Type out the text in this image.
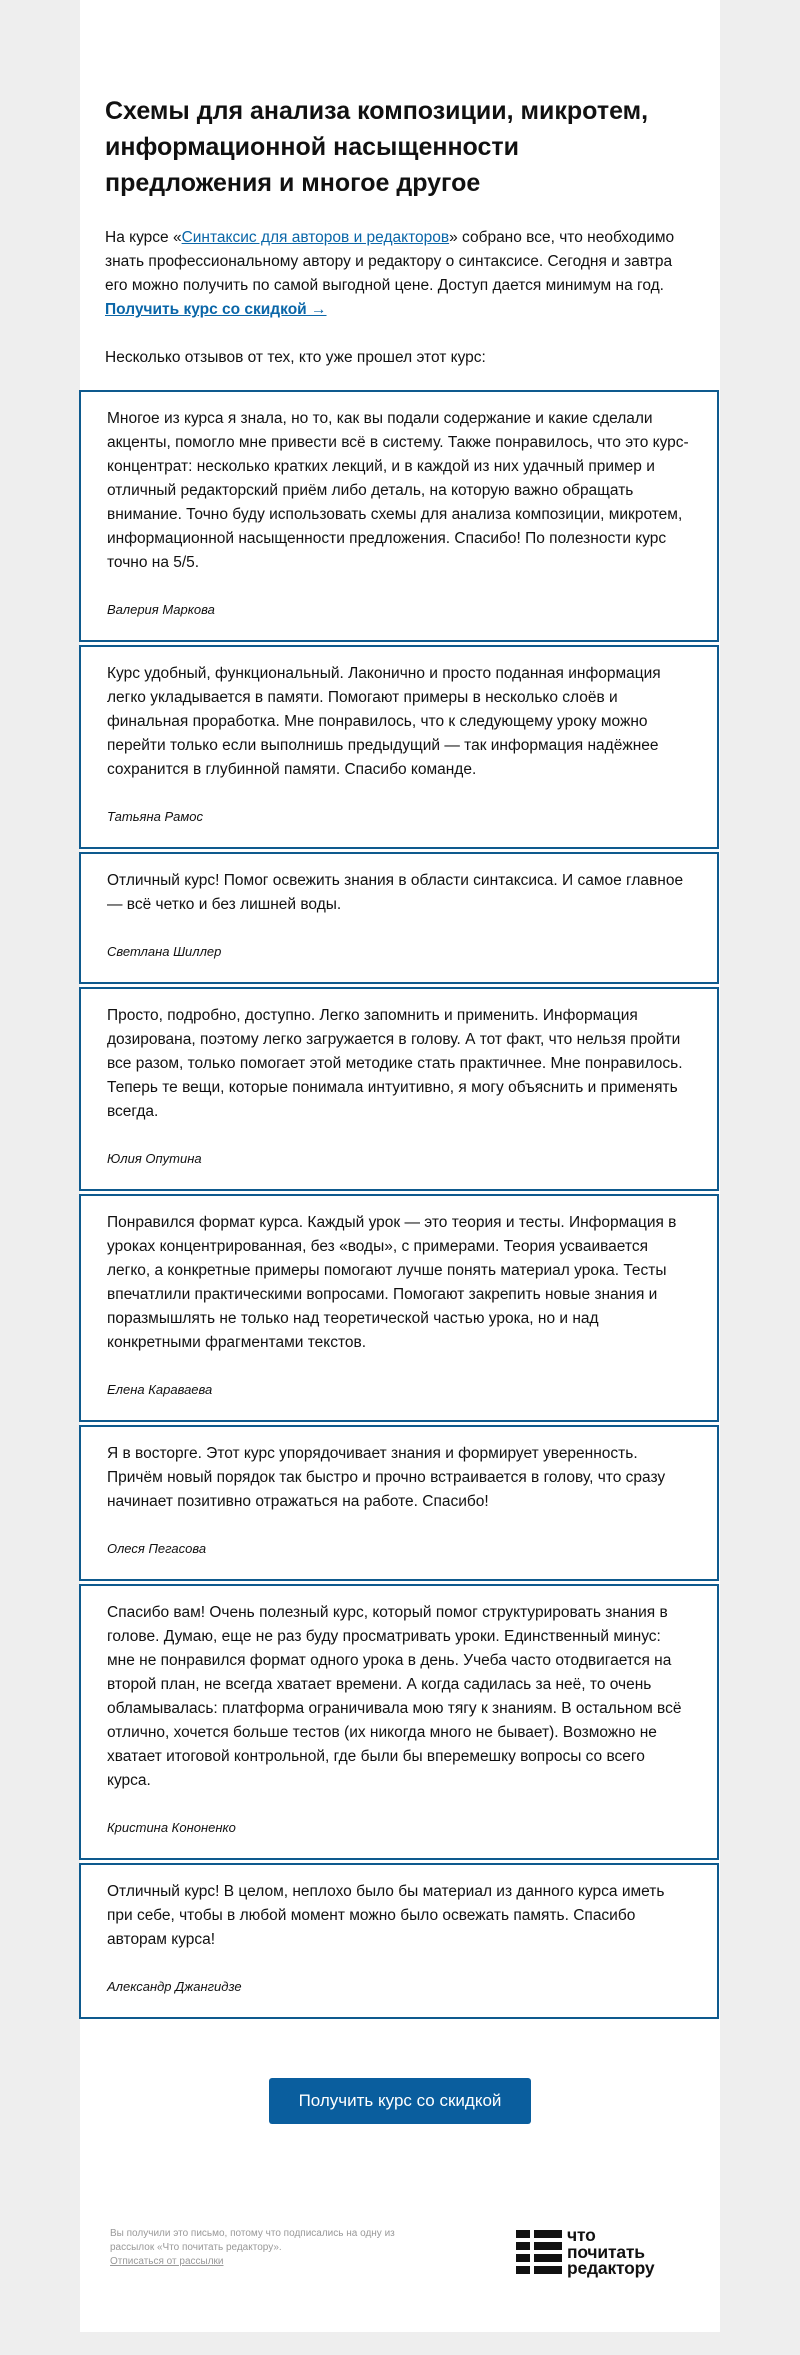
Схемы для анализа композиции, микротем, информационной насыщенности предложения и многое другое

На курсе «Синтаксис для авторов и редакторов» собрано все, что необходимо знать профессиональному автору и редактору о синтаксисе. Сегодня и завтра его можно получить по самой выгодной цене. Доступ дается минимум на год. Получить курс со скидкой →

Несколько отзывов от тех, кто уже прошел этот курс:

Многое из курса я знала, но то, как вы подали содержание и какие сделали акценты, помогло мне привести всё в систему. Также понравилось, что это курс-концентрат: несколько кратких лекций, и в каждой из них удачный пример и отличный редакторский приём либо деталь, на которую важно обращать внимание. Точно буду использовать схемы для анализа композиции, микротем, информационной насыщенности предложения. Спасибо! По полезности курс точно на 5/5.

Валерия Маркова

Курс удобный, функциональный. Лаконично и просто поданная информация легко укладывается в памяти. Помогают примеры в несколько слоёв и финальная проработка. Мне понравилось, что к следующему уроку можно перейти только если выполнишь предыдущий — так информация надёжнее сохранится в глубинной памяти. Спасибо команде.

Татьяна Рамос

Отличный курс! Помог освежить знания в области синтаксиса. И самое главное — всё четко и без лишней воды.

Светлана Шиллер

Просто, подробно, доступно. Легко запомнить и применить. Информация дозирована, поэтому легко загружается в голову. А тот факт, что нельзя пройти все разом, только помогает этой методике стать практичнее. Мне понравилось. Теперь те вещи, которые понимала интуитивно, я могу объяснить и применять всегда.

Юлия Опутина

Понравился формат курса. Каждый урок — это теория и тесты. Информация в уроках концентрированная, без «воды», с примерами. Теория усваивается легко, а конкретные примеры помогают лучше понять материал урока. Тесты впечатлили практическими вопросами. Помогают закрепить новые знания и поразмышлять не только над теоретической частью урока, но и над конкретными фрагментами текстов.

Елена Караваева

Я в восторге. Этот курс упорядочивает знания и формирует уверенность. Причём новый порядок так быстро и прочно встраивается в голову, что сразу начинает позитивно отражаться на работе. Спасибо!

Олеся Пегасова

Спасибо вам! Очень полезный курс, который помог структурировать знания в голове. Думаю, еще не раз буду просматривать уроки. Единственный минус: мне не понравился формат одного урока в день. Учеба часто отодвигается на второй план, не всегда хватает времени. А когда садилась за неё, то очень обламывалась: платформа ограничивала мою тягу к знаниям. В остальном всё отлично, хочется больше тестов (их никогда много не бывает). Возможно не хватает итоговой контрольной, где были бы вперемешку вопросы со всего курса.

Кристина Кононенко

Отличный курс! В целом, неплохо было бы материал из данного курса иметь при себе, чтобы в любой момент можно было освежать память. Спасибо авторам курса!

Александр Джангидзе

Получить курс со скидкой
Вы получили это письмо, потому что подписались на одну из рассылок «Что почитать редактору».
Отписаться от рассылки
что
почитать
редактору
